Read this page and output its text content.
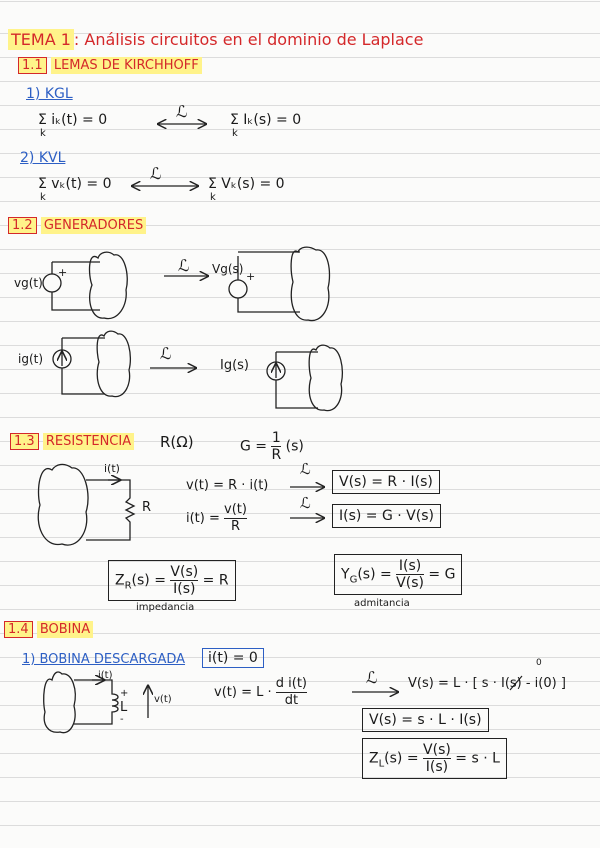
TEMA 1 : Análisis circuitos en el dominio de Laplace
1.1 LEMAS DE KIRCHHOFF
1) KGL
Σ iₖ(t) = 0
k
ℒ	Σ Iₖ(s) = 0
k
2) KVL
Σ vₖ(t) = 0
k
ℒ
Σ Vₖ(s) = 0
k
1.2 GENERADORES
vg(t)
+	ℒ Vg(s)
+
ig(t)	ℒ
Ig(s)
1.3 RESISTENCIA R(Ω)	$G = \frac{1}{R} (s)$
i(t)
R
v(t) = R · i(t)
ℒ
V(s) = R · I(s)
$i(t) = \frac{v(t)}{R}$	ℒ
I(s) = G · V(s)
$Z_R(s) = \frac{V(s)}{I(s)} = R$
impedancia
$Y_G(s) = \frac{I(s)}{V(s)} = G$
admitancia
1.4 BOBINA
1) BOBINA DESCARGADA	i(t) = 0
i(t)
+
L
-
v(t)	$v(t) = L \cdot \frac{\text{d i(t)}}{dt}$	ℒ V(s) = L · [ s · I(s) - i(0) ]
0
V(s) = s · L · I(s)
$Z_L(s) = \frac{V(s)}{I(s)} = s \cdot L$
